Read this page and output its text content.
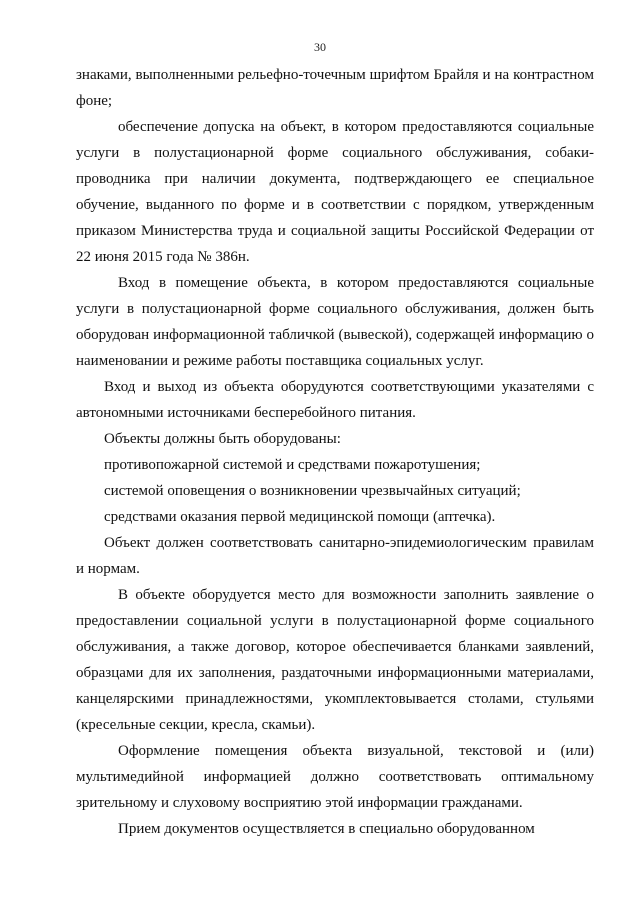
30

знаками, выполненными рельефно-точечным шрифтом Брайля и на контрастном фоне;

обеспечение допуска на объект, в котором предоставляются социальные услуги в полустационарной форме социального обслуживания, собаки-проводника при наличии документа, подтверждающего ее специальное обучение, выданного по форме и в соответствии с порядком, утвержденным приказом Министерства труда и социальной защиты Российской Федерации от 22 июня 2015 года № 386н.

Вход в помещение объекта, в котором предоставляются социальные услуги в полустационарной форме социального обслуживания, должен быть оборудован информационной табличкой (вывеской), содержащей информацию о наименовании и режиме работы поставщика социальных услуг.

Вход и выход из объекта оборудуются соответствующими указателями с автономными источниками бесперебойного питания.

Объекты должны быть оборудованы:

противопожарной системой и средствами пожаротушения;

системой оповещения о возникновении чрезвычайных ситуаций;

средствами оказания первой медицинской помощи (аптечка).

Объект должен соответствовать санитарно-эпидемиологическим правилам и нормам.

В объекте оборудуется место для возможности заполнить заявление о предоставлении социальной услуги в полустационарной форме социального обслуживания, а также договор, которое обеспечивается бланками заявлений, образцами для их заполнения, раздаточными информационными материалами, канцелярскими принадлежностями, укомплектовывается столами, стульями (кресельные секции, кресла, скамьи).

Оформление помещения объекта визуальной, текстовой и (или) мультимедийной информацией должно соответствовать оптимальному зрительному и слуховому восприятию этой информации гражданами.

Прием документов осуществляется в специально оборудованном
